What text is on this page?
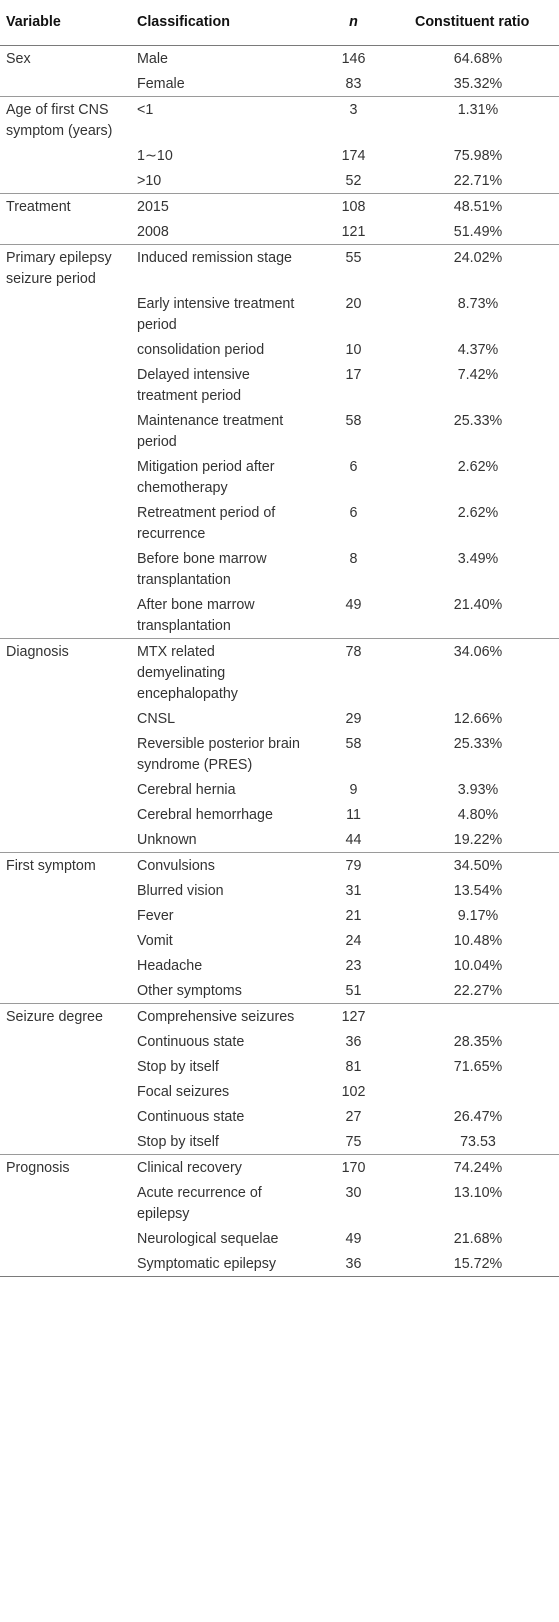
Variable	Classification	n	Constituent ratio
Sex	Male	146	64.68%
	Female	83	35.32%
Age of first CNS symptom (years)	<1	3	1.31%
	1∼10	174	75.98%
	>10	52	22.71%
Treatment	2015	108	48.51%
	2008	121	51.49%
Primary epilepsy seizure period	Induced remission stage	55	24.02%
	Early intensive treatment period	20	8.73%
	consolidation period	10	4.37%
	Delayed intensive treatment period	17	7.42%
	Maintenance treatment period	58	25.33%
	Mitigation period after chemotherapy	6	2.62%
	Retreatment period of recurrence	6	2.62%
	Before bone marrow transplantation	8	3.49%
	After bone marrow transplantation	49	21.40%
Diagnosis	MTX related demyelinating encephalopathy	78	34.06%
	CNSL	29	12.66%
	Reversible posterior brain syndrome (PRES)	58	25.33%
	Cerebral hernia	9	3.93%
	Cerebral hemorrhage	11	4.80%
	Unknown	44	19.22%
First symptom	Convulsions	79	34.50%
	Blurred vision	31	13.54%
	Fever	21	9.17%
	Vomit	24	10.48%
	Headache	23	10.04%
	Other symptoms	51	22.27%
Seizure degree	Comprehensive seizures	127	
	Continuous state	36	28.35%
	Stop by itself	81	71.65%
	Focal seizures	102	
	Continuous state	27	26.47%
	Stop by itself	75	73.53
Prognosis	Clinical recovery	170	74.24%
	Acute recurrence of epilepsy	30	13.10%
	Neurological sequelae	49	21.68%
	Symptomatic epilepsy	36	15.72%
